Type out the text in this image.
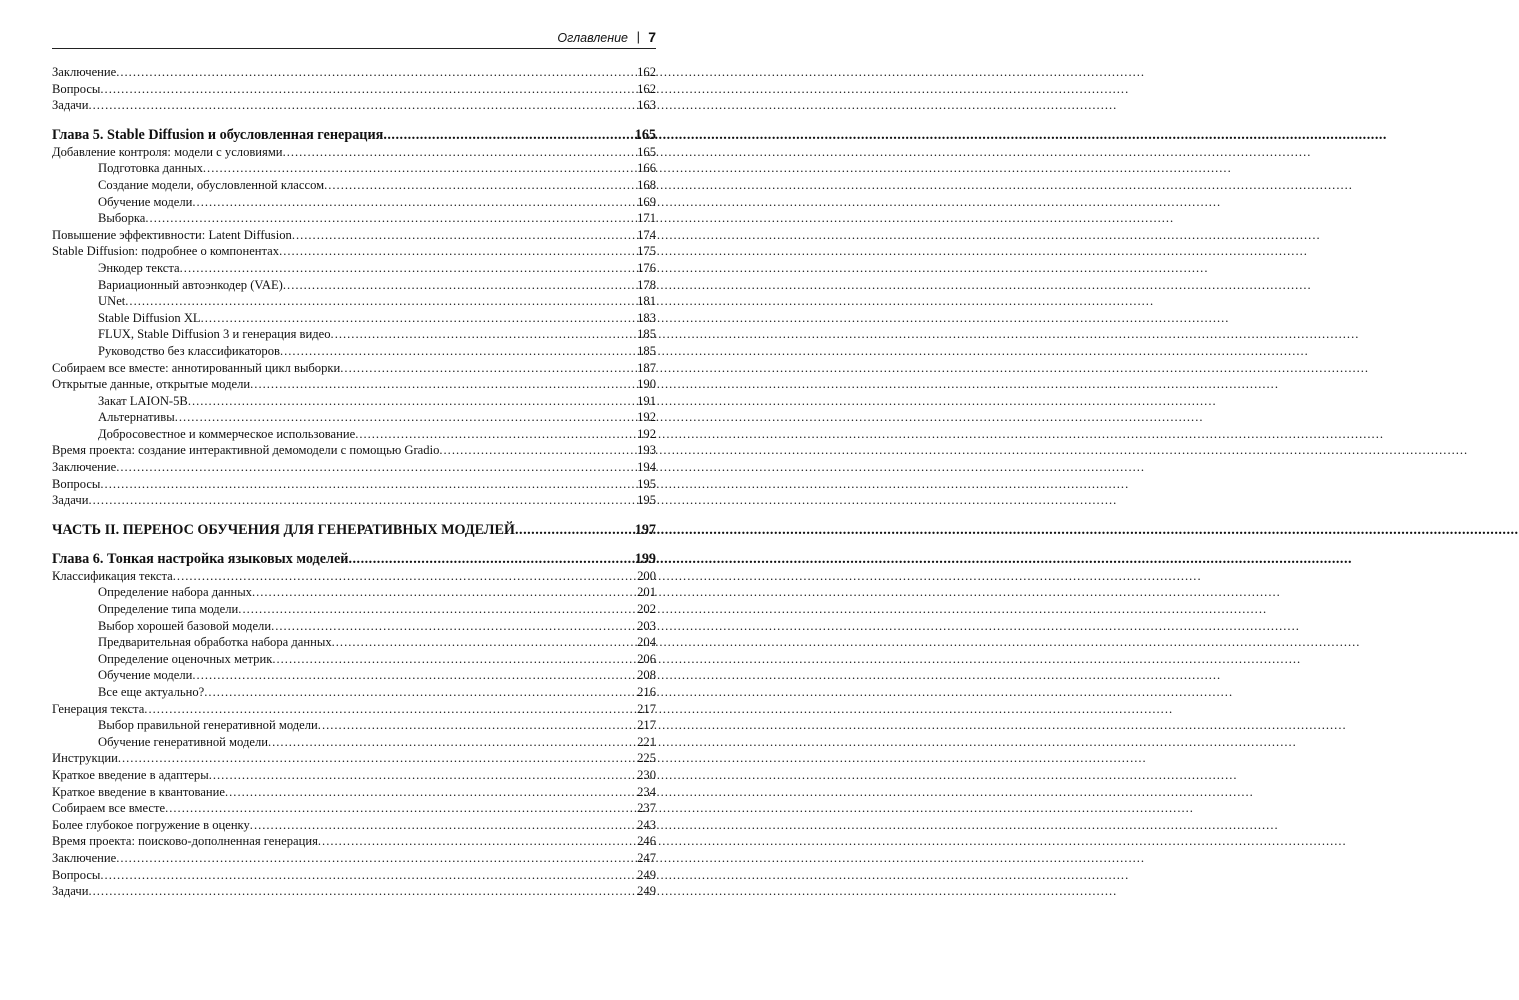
Оглавление | 7
Заключение .....	162
Вопросы .....	162
Задачи .....	163
Глава 5. Stable Diffusion и обусловленная генерация .....	165
Добавление контроля: модели с условиями .....	165
Подготовка данных .....	166
Создание модели, обусловленной классом .....	168
Обучение модели .....	169
Выборка .....	171
Повышение эффективности: Latent Diffusion .....	174
Stable Diffusion: подробнее о компонентах .....	175
Энкодер текста .....	176
Вариационный автоэнкодер (VAE) .....	178
UNet .....	181
Stable Diffusion XL .....	183
FLUX, Stable Diffusion 3 и генерация видео .....	185
Руководство без классификаторов .....	185
Собираем все вместе: аннотированный цикл выборки .....	187
Открытые данные, открытые модели .....	190
Закат LAION-5B .....	191
Альтернативы .....	192
Добросовестное и коммерческое использование .....	192
Время проекта: создание интерактивной демомодели с помощью Gradio .....	193
Заключение .....	194
Вопросы .....	195
Задачи .....	195
ЧАСТЬ II. ПЕРЕНОС ОБУЧЕНИЯ ДЛЯ ГЕНЕРАТИВНЫХ МОДЕЛЕЙ .....	197
Глава 6. Тонкая настройка языковых моделей .....	199
Классификация текста .....	200
Определение набора данных .....	201
Определение типа модели .....	202
Выбор хорошей базовой модели .....	203
Предварительная обработка набора данных .....	204
Определение оценочных метрик .....	206
Обучение модели .....	208
Все еще актуально? .....	216
Генерация текста .....	217
Выбор правильной генеративной модели .....	217
Обучение генеративной модели .....	221
Инструкции .....	225
Краткое введение в адаптеры .....	230
Краткое введение в квантование .....	234
Собираем все вместе .....	237
Более глубокое погружение в оценку .....	243
Время проекта: поисково-дополненная генерация .....	246
Заключение .....	247
Вопросы .....	249
Задачи .....	249
